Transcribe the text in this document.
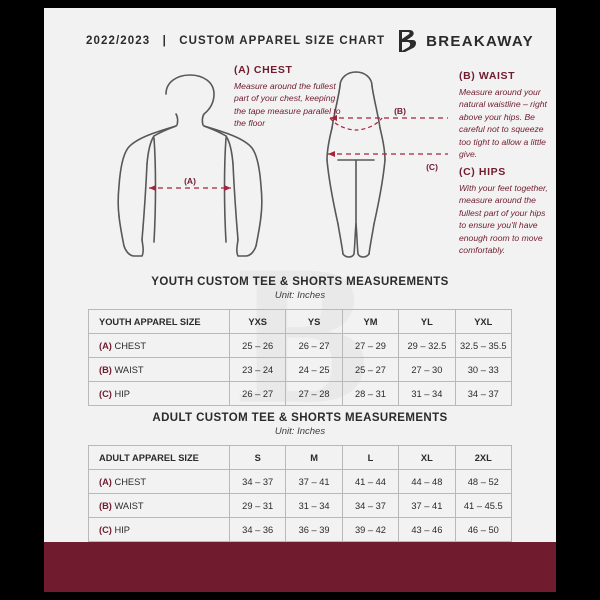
2022/2023 | CUSTOM APPAREL SIZE CHART	BREAKAWAY
(A)
(B)
(C)
(A) CHEST
Measure around the fullest part of your chest, keeping the tape measure parallel to the floor
(B) WAIST
Measure around your natural waistline – right above your hips. Be careful not to squeeze too tight to allow a little give.
(C) HIPS
With your feet together, measure around the fullest part of your hips to ensure you'll have enough room to move comfortably.
YOUTH CUSTOM TEE & SHORTS MEASUREMENTS
Unit: Inches
YOUTH APPAREL SIZE	YXS	YS	YM	YL	YXL
(A) CHEST	25 – 26	26 – 27	27 – 29	29 – 32.5	32.5 – 35.5
(B) WAIST	23 – 24	24 – 25	25 – 27	27 – 30	30 – 33
(C) HIP	26 – 27	27 – 28	28 – 31	31 – 34	34 – 37
ADULT CUSTOM TEE & SHORTS MEASUREMENTS
Unit: Inches
ADULT APPAREL SIZE	S	M	L	XL	2XL
(A) CHEST	34 – 37	37 – 41	41 – 44	44 – 48	48 – 52
(B) WAIST	29 – 31	31 – 34	34 – 37	37 – 41	41 – 45.5
(C) HIP	34 – 36	36 – 39	39 – 42	43 – 46	46 – 50
